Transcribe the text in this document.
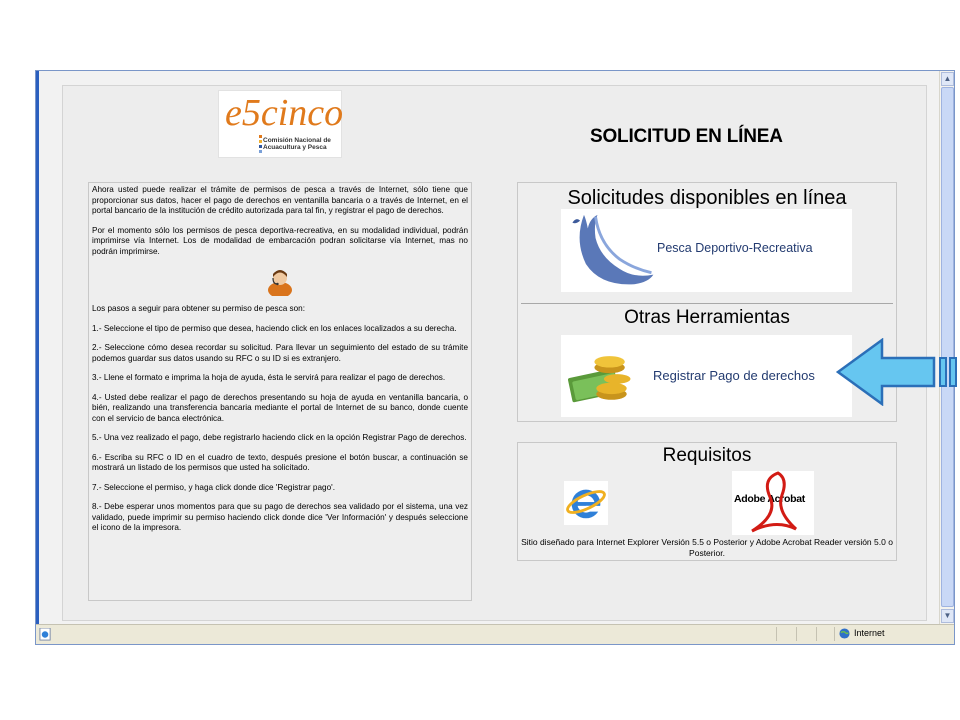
e5cinco
Comisión Nacional de Acuacultura y Pesca
SOLICITUD EN LÍNEA

Ahora usted puede realizar el trámite de permisos de pesca a través de Internet, sólo tiene que proporcionar sus datos, hacer el pago de derechos en ventanilla bancaria o a través de Internet, en el portal bancario de la institución de crédito autorizada para tal fin, y registrar el pago de derechos.

Por el momento sólo los permisos de pesca deportiva-recreativa, en su modalidad individual, podrán imprimirse vía Internet. Los de modalidad de embarcación podran solicitarse vía Internet, mas no podrán imprimirse.

Los pasos a seguir para obtener su permiso de pesca son:

1.- Seleccione el tipo de permiso que desea, haciendo click en los enlaces localizados a su derecha.

2.- Seleccione cómo desea recordar su solicitud. Para llevar un seguimiento del estado de su trámite podemos guardar sus datos usando su RFC o su ID si es extranjero.

3.- Llene el formato e imprima la hoja de ayuda, ésta le servirá para realizar el pago de derechos.

4.- Usted debe realizar el pago de derechos presentando su hoja de ayuda en ventanilla bancaria, o bién, realizando una transferencia bancaria mediante el portal de Internet de su banco, donde cuente con el servicio de banca electrónica.

5.- Una vez realizado el pago, debe registrarlo haciendo click en la opción Registrar Pago de derechos.

6.- Escriba su RFC o ID en el cuadro de texto, después presione el botón buscar, a continuación se mostrará un listado de los permisos que usted ha solicitado.

7.- Seleccione el permiso, y haga click donde dice 'Registrar pago'.

8.- Debe esperar unos momentos para que su pago de derechos sea validado por el sistema, una vez validado, puede imprimir su permiso haciendo click donde dice 'Ver Información' y después seleccione el icono de la impresora.

Solicitudes disponibles en línea
Pesca Deportivo-Recreativa
Otras Herramientas
Registrar Pago de derechos
Requisitos
Adobe Acrobat
Sitio diseñado para Internet Explorer Versión 5.5 o Posterior y Adobe Acrobat Reader versión 5.0 o Posterior.
▲
▼
Internet
